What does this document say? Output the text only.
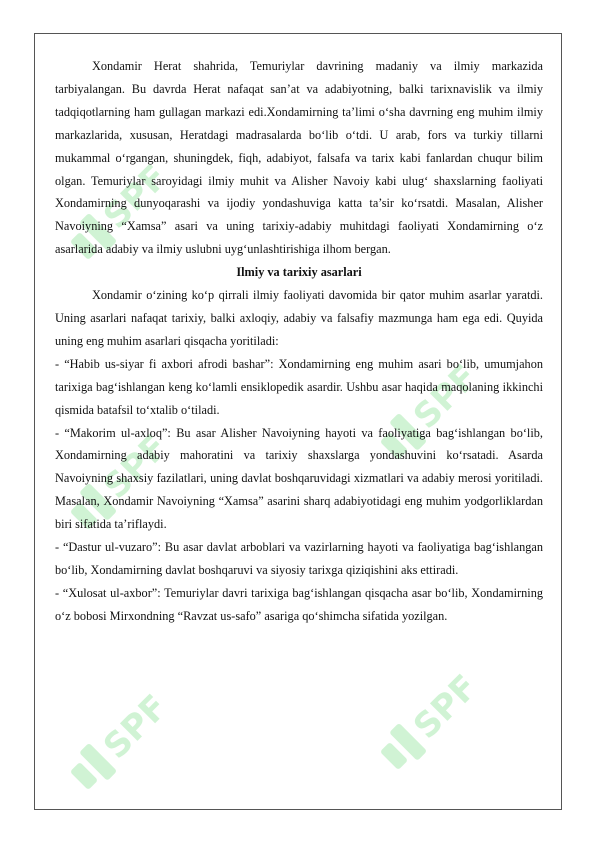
SPF
SPF
SPF
SPF
SPF

Xondamir Herat shahrida, Temuriylar davrining madaniy va ilmiy markazida tarbiyalangan. Bu davrda Herat nafaqat san’at va adabiyotning, balki tarixnavislik va ilmiy tadqiqotlarning ham gullagan markazi edi.Xondamirning ta’limi o‘sha davrning eng muhim ilmiy markazlarida, xususan, Heratdagi madrasalarda bo‘lib o‘tdi. U arab, fors va turkiy tillarni mukammal o‘rgangan, shuningdek, fiqh, adabiyot, falsafa va tarix kabi fanlardan chuqur bilim olgan. Temuriylar saroyidagi ilmiy muhit va Alisher Navoiy kabi ulug‘ shaxslarning faoliyati Xondamirning dunyoqarashi va ijodiy yondashuviga katta ta’sir ko‘rsatdi. Masalan, Alisher Navoiyning “Xamsa” asari va uning tarixiy-adabiy muhitdagi faoliyati Xondamirning o‘z asarlarida adabiy va ilmiy uslubni uyg‘unlashtirishiga ilhom bergan.

Ilmiy va tarixiy asarlari

Xondamir o‘zining ko‘p qirrali ilmiy faoliyati davomida bir qator muhim asarlar yaratdi. Uning asarlari nafaqat tarixiy, balki axloqiy, adabiy va falsafiy mazmunga ham ega edi. Quyida uning eng muhim asarlari qisqacha yoritiladi:

- “Habib us-siyar fi axbori afrodi bashar”: Xondamirning eng muhim asari bo‘lib, umumjahon tarixiga bag‘ishlangan keng ko‘lamli ensiklopedik asardir. Ushbu asar haqida maqolaning ikkinchi qismida batafsil to‘xtalib o‘tiladi.

- “Makorim ul-axloq”: Bu asar Alisher Navoiyning hayoti va faoliyatiga bag‘ishlangan bo‘lib, Xondamirning adabiy mahoratini va tarixiy shaxslarga yondashuvini ko‘rsatadi. Asarda Navoiyning shaxsiy fazilatlari, uning davlat boshqaruvidagi xizmatlari va adabiy merosi yoritiladi. Masalan, Xondamir Navoiyning “Xamsa” asarini sharq adabiyotidagi eng muhim yodgorliklardan biri sifatida ta’riflaydi.

- “Dastur ul-vuzaro”: Bu asar davlat arboblari va vazirlarning hayoti va faoliyatiga bag‘ishlangan bo‘lib, Xondamirning davlat boshqaruvi va siyosiy tarixga qiziqishini aks ettiradi.

- “Xulosat ul-axbor”: Temuriylar davri tarixiga bag‘ishlangan qisqacha asar bo‘lib, Xondamirning o‘z bobosi Mirxondning “Ravzat us-safo” asariga qo‘shimcha sifatida yozilgan.
